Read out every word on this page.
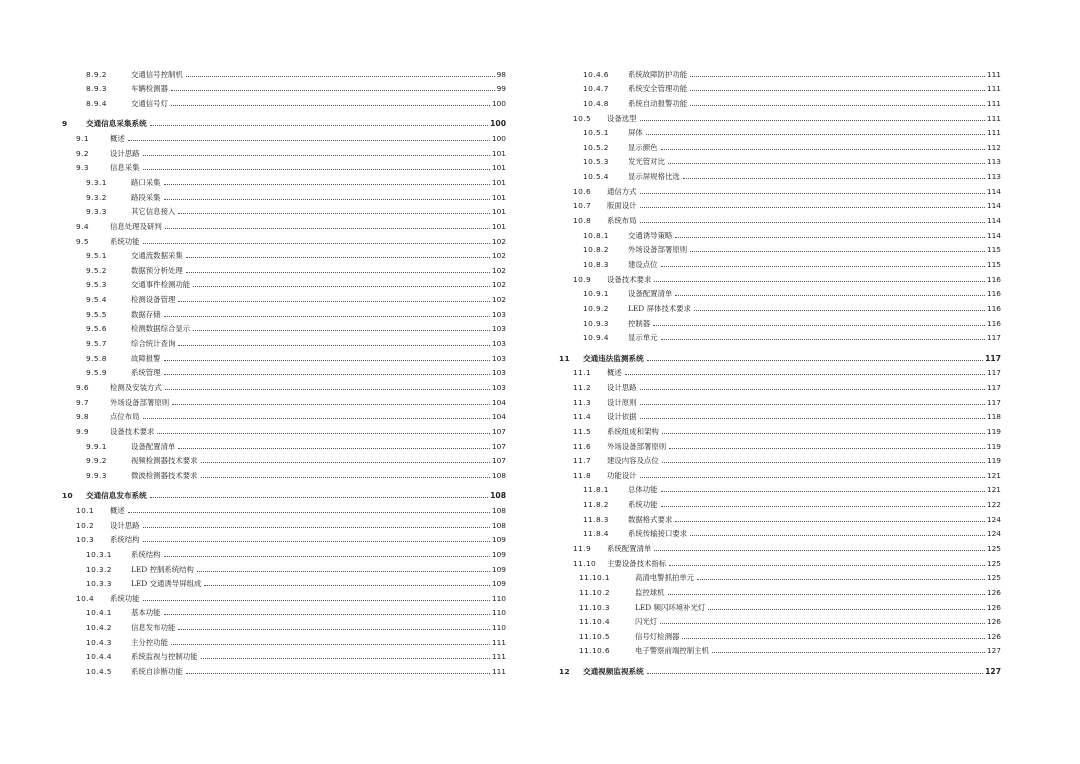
8.9.2	交通信号控制机	98
8.9.3	车辆检测器	99
8.9.4	交通信号灯	100
9	交通信息采集系统	100
9.1	概述	100
9.2	设计思路	101
9.3	信息采集	101
9.3.1	路口采集	101
9.3.2	路段采集	101
9.3.3	其它信息接入	101
9.4	信息处理及研判	101
9.5	系统功能	102
9.5.1	交通流数据采集	102
9.5.2	数据预分析处理	102
9.5.3	交通事件检测功能	102
9.5.4	检测设备管理	102
9.5.5	数据存储	103
9.5.6	检测数据综合显示	103
9.5.7	综合统计查询	103
9.5.8	故障报警	103
9.5.9	系统管理	103
9.6	检测及安装方式	103
9.7	外场设备部署原则	104
9.8	点位布局	104
9.9	设备技术要求	107
9.9.1	设备配置清单	107
9.9.2	视频检测器技术要求	107
9.9.3	微波检测器技术要求	108
10	交通信息发布系统	108
10.1	概述	108
10.2	设计思路	108
10.3	系统结构	109
10.3.1	系统结构	109
10.3.2	LED 控制系统结构	109
10.3.3	LED 交通诱导屏组成	109
10.4	系统功能	110
10.4.1	基本功能	110
10.4.2	信息发布功能	110
10.4.3	主分控功能	111
10.4.4	系统监视与控制功能	111
10.4.5	系统自诊断功能	111
10.4.6	系统故障防护功能	111
10.4.7	系统安全管理功能	111
10.4.8	系统自动报警功能	111
10.5	设备选型	111
10.5.1	屏体	111
10.5.2	显示颜色	112
10.5.3	发光管对比	113
10.5.4	显示屏规格比选	113
10.6	通信方式	114
10.7	版面设计	114
10.8	系统布局	114
10.8.1	交通诱导策略	114
10.8.2	外场设备部署原则	115
10.8.3	建设点位	115
10.9	设备技术要求	116
10.9.1	设备配置清单	116
10.9.2	LED 屏体技术要求	116
10.9.3	控制器	116
10.9.4	显示单元	117
11	交通违法监测系统	117
11.1	概述	117
11.2	设计思路	117
11.3	设计原则	117
11.4	设计依据	118
11.5	系统组成和架构	119
11.6	外场设备部署原则	119
11.7	建设内容及点位	119
11.8	功能设计	121
11.8.1	总体功能	121
11.8.2	系统功能	122
11.8.3	数据格式要求	124
11.8.4	系统传输接口要求	124
11.9	系统配置清单	125
11.10	主要设备技术指标	125
11.10.1	高清电警抓拍单元	125
11.10.2	监控球机	126
11.10.3	LED 频闪环境补光灯	126
11.10.4	闪光灯	126
11.10.5	信号灯检测器	126
11.10.6	电子警察前端控制主机	127
12	交通视频监视系统	127
